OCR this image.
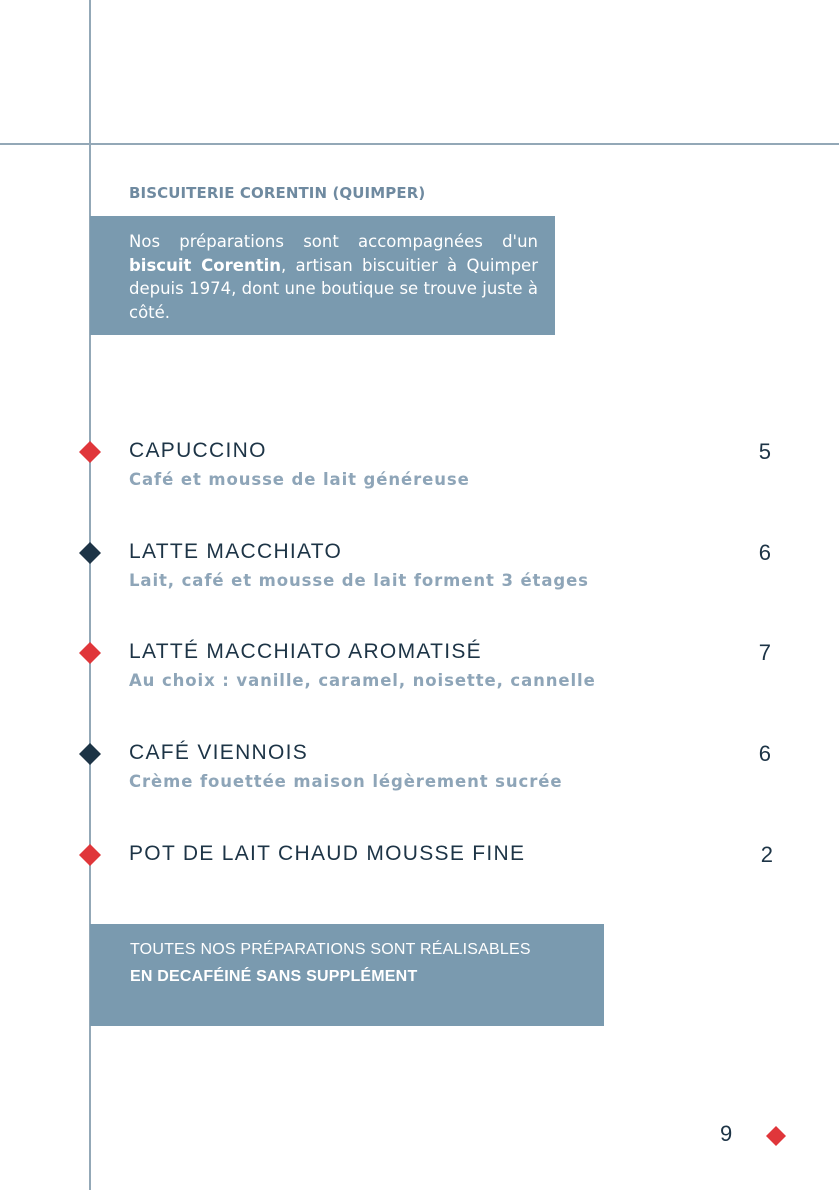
BISCUITERIE CORENTIN (QUIMPER)

Nos préparations sont accompagnées d'un biscuit Corentin, artisan biscuitier à Quimper depuis 1974, dont une boutique se trouve juste à côté.

CAPUCCINO

Café et mousse de lait généreuse

5

LATTE MACCHIATO

Lait, café et mousse de lait forment 3 étages

6

LATTÉ MACCHIATO AROMATISÉ

Au choix : vanille, caramel, noisette, cannelle

7

CAFÉ VIENNOIS

Crème fouettée maison légèrement sucrée

6

POT DE LAIT CHAUD MOUSSE FINE	2

TOUTES NOS PRÉPARATIONS SONT RÉALISABLES

EN DECAFÉINÉ SANS SUPPLÉMENT

9
